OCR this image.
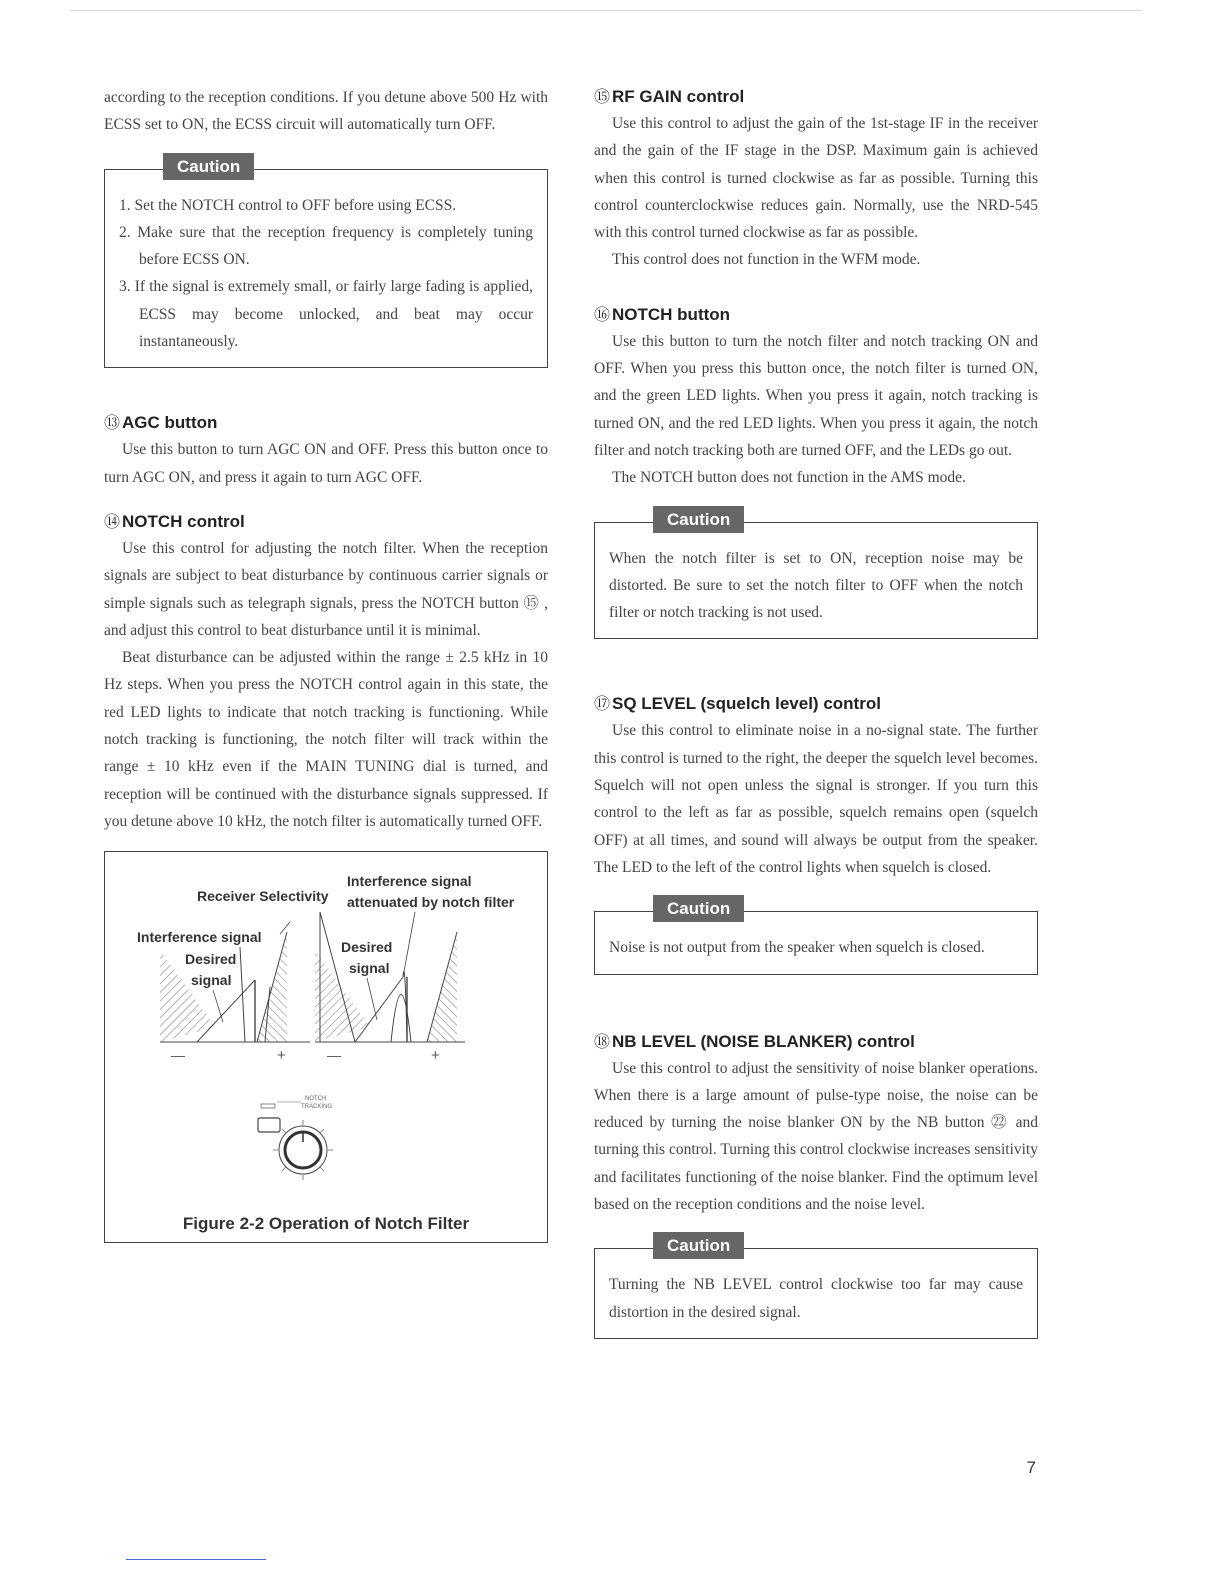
according to the reception conditions. If you detune above 500 Hz with ECSS set to ON, the ECSS circuit will automatically turn OFF.

Caution
1. Set the NOTCH control to OFF before using ECSS.
2. Make sure that the reception frequency is completely tuning before ECSS ON.
3. If the signal is extremely small, or fairly large fading is applied, ECSS may become unlocked, and beat may occur instantaneously.
⑬ AGC button

Use this button to turn AGC ON and OFF. Press this button once to turn AGC ON, and press it again to turn AGC OFF.

⑭ NOTCH control

Use this control for adjusting the notch filter. When the reception signals are subject to beat disturbance by continuous carrier signals or simple signals such as telegraph signals, press the NOTCH button ⑮ , and adjust this control to beat disturbance until it is minimal.

Beat disturbance can be adjusted within the range ± 2.5 kHz in 10 Hz steps. When you press the NOTCH control again in this state, the red LED lights to indicate that notch tracking is functioning. While notch tracking is functioning, the notch filter will track within the range ± 10 kHz even if the MAIN TUNING dial is turned, and reception will be continued with the disturbance signals suppressed. If you detune above 10 kHz, the notch filter is automatically turned OFF.

Interference signal
attenuated by notch filter
Receiver Selectivity
Interference signal
Desired
signal
—	+
Desired
signal
—	+
NOTCH
TRACKING
Figure 2-2 Operation of Notch Filter
⑮ RF GAIN control

Use this control to adjust the gain of the 1st-stage IF in the receiver and the gain of the IF stage in the DSP. Maximum gain is achieved when this control is turned clockwise as far as possible. Turning this control counterclockwise reduces gain. Normally, use the NRD-545 with this control turned clockwise as far as possible.

This control does not function in the WFM mode.

⑯ NOTCH button

Use this button to turn the notch filter and notch tracking ON and OFF. When you press this button once, the notch filter is turned ON, and the green LED lights. When you press it again, notch tracking is turned ON, and the red LED lights. When you press it again, the notch filter and notch tracking both are turned OFF, and the LEDs go out.

The NOTCH button does not function in the AMS mode.

Caution

When the notch filter is set to ON, reception noise may be distorted. Be sure to set the notch filter to OFF when the notch filter or notch tracking is not used.

⑰ SQ LEVEL (squelch level) control

Use this control to eliminate noise in a no-signal state. The further this control is turned to the right, the deeper the squelch level becomes. Squelch will not open unless the signal is stronger. If you turn this control to the left as far as possible, squelch remains open (squelch OFF) at all times, and sound will always be output from the speaker. The LED to the left of the control lights when squelch is closed.

Caution

Noise is not output from the speaker when squelch is closed.

⑱ NB LEVEL (NOISE BLANKER) control

Use this control to adjust the sensitivity of noise blanker operations. When there is a large amount of pulse-type noise, the noise can be reduced by turning the noise blanker ON by the NB button ㉒ and turning this control. Turning this control clockwise increases sensitivity and facilitates functioning of the noise blanker. Find the optimum level based on the reception conditions and the noise level.

Caution

Turning the NB LEVEL control clockwise too far may cause distortion in the desired signal.

7
